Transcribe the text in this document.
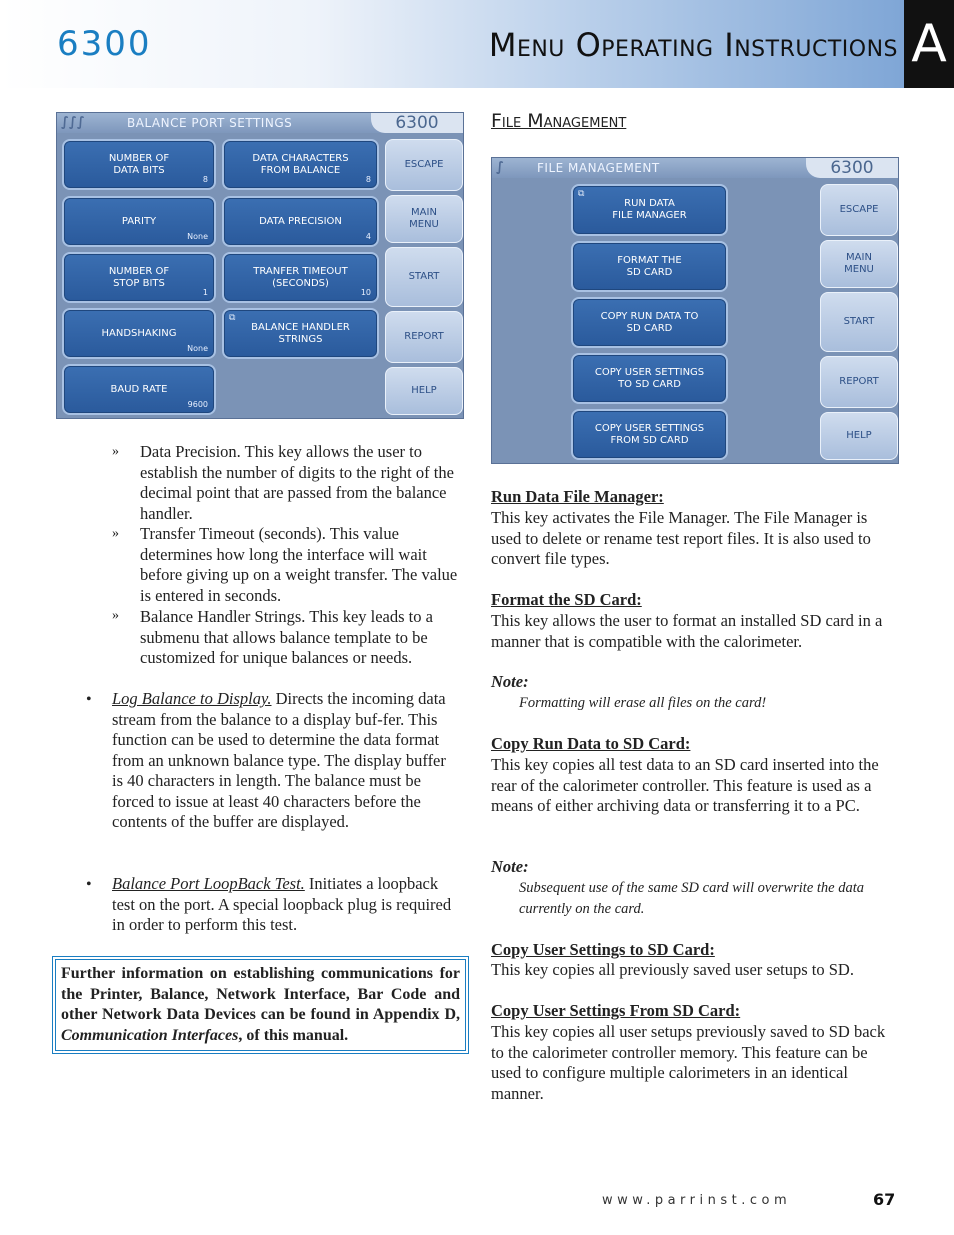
6300	Menu Operating Instructions A
∫∫∫	BALANCE PORT SETTINGS	6300
NUMBER OF
DATA BITS
8
DATA CHARACTERS
FROM BALANCE
8
PARITY
None
DATA PRECISION
4
NUMBER OF
STOP BITS
1
TRANFER TIMEOUT
(SECONDS)
10
HANDSHAKING
None
⧉
BALANCE HANDLER
STRINGS
BAUD RATE
9600
ESCAPE
MAIN
MENU
START
REPORT
HELP
» Data Precision. This key allows the user to establish the number of digits to the right of the decimal point that are passed from the balance handler.
» Transfer Timeout (seconds). This value determines how long the interface will wait before giving up on a weight transfer. The value is entered in seconds.
» Balance Handler Strings. This key leads to a submenu that allows balance template to be customized for unique balances or needs.
• Log Balance to Display. Directs the incoming data stream from the balance to a display buf-fer. This function can be used to determine the data format from an unknown balance type. The display buffer is 40 characters in length. The balance must be forced to issue at least 40 characters before the contents of the buffer are displayed.
• Balance Port LoopBack Test. Initiates a loopback test on the port. A special loopback plug is required in order to perform this test.
Further information on establishing communications for the Printer, Balance, Network Interface, Bar Code and other Network Data Devices can be found in Appendix D, Communication Interfaces, of this manual.
File Management
∫	FILE MANAGEMENT	6300
⧉
RUN DATA
FILE MANAGER
FORMAT THE
SD CARD
COPY RUN DATA TO
SD CARD
COPY USER SETTINGS
TO SD CARD
COPY USER SETTINGS
FROM SD CARD
ESCAPE
MAIN
MENU
START
REPORT
HELP
Run Data File Manager:
This key activates the File Manager. The File Manager is used to delete or rename test report files. It is also used to convert file types.
Format the SD Card:
This key allows the user to format an installed SD card in a manner that is compatible with the calorimeter.
Note:
Formatting will erase all files on the card!
Copy Run Data to SD Card:
This key copies all test data to an SD card inserted into the rear of the calorimeter controller. This feature is used as a means of either archiving data or transferring it to a PC.
Note:
Subsequent use of the same SD card will overwrite the data currently on the card.
Copy User Settings to SD Card:
This key copies all previously saved user setups to SD.
Copy User Settings From SD Card:
This key copies all user setups previously saved to SD back to the calorimeter controller memory. This feature can be used to configure multiple calorimeters in an identical manner.
www.parrinst.com	67
